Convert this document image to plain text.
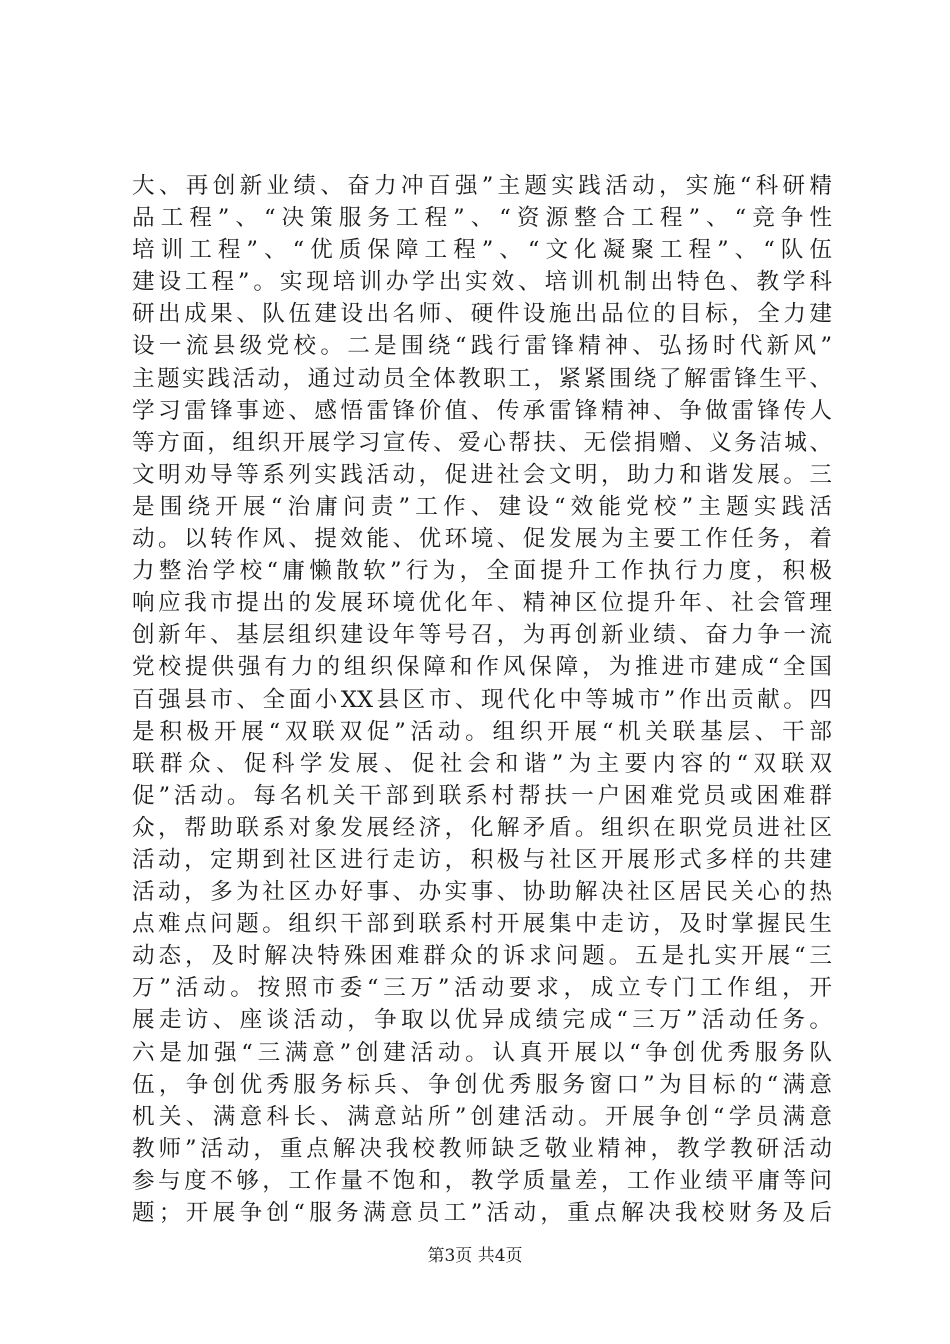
大、再创新业绩、奋力冲百强”主题实践活动，实施“科研精
品工程”、“决策服务工程”、“资源整合工程”、“竞争性
培训工程”、“优质保障工程”、“文化凝聚工程”、“队伍
建设工程”。实现培训办学出实效、培训机制出特色、教学科
研出成果、队伍建设出名师、硬件设施出品位的目标，全力建
设一流县级党校。二是围绕“践行雷锋精神、弘扬时代新风”
主题实践活动，通过动员全体教职工，紧紧围绕了解雷锋生平、
学习雷锋事迹、感悟雷锋价值、传承雷锋精神、争做雷锋传人
等方面，组织开展学习宣传、爱心帮扶、无偿捐赠、义务洁城、
文明劝导等系列实践活动，促进社会文明，助力和谐发展。三
是围绕开展“治庸问责”工作、建设“效能党校”主题实践活
动。以转作风、提效能、优环境、促发展为主要工作任务，着
力整治学校“庸懒散软”行为，全面提升工作执行力度，积极
响应我市提出的发展环境优化年、精神区位提升年、社会管理
创新年、基层组织建设年等号召，为再创新业绩、奋力争一流
党校提供强有力的组织保障和作风保障，为推进市建成“全国
百强县市、全面小XX县区市、现代化中等城市”作出贡献。四
是积极开展“双联双促”活动。组织开展“机关联基层、干部
联群众、促科学发展、促社会和谐”为主要内容的“双联双
促”活动。每名机关干部到联系村帮扶一户困难党员或困难群
众，帮助联系对象发展经济，化解矛盾。组织在职党员进社区
活动，定期到社区进行走访，积极与社区开展形式多样的共建
活动，多为社区办好事、办实事、协助解决社区居民关心的热
点难点问题。组织干部到联系村开展集中走访，及时掌握民生
动态，及时解决特殊困难群众的诉求问题。五是扎实开展“三
万”活动。按照市委“三万”活动要求，成立专门工作组，开
展走访、座谈活动，争取以优异成绩完成“三万”活动任务。
六是加强“三满意”创建活动。认真开展以“争创优秀服务队
伍，争创优秀服务标兵、争创优秀服务窗口”为目标的“满意
机关、满意科长、满意站所”创建活动。开展争创“学员满意
教师”活动，重点解决我校教师缺乏敬业精神，教学教研活动
参与度不够，工作量不饱和，教学质量差，工作业绩平庸等问
题；开展争创“服务满意员工”活动，重点解决我校财务及后
第3页 共4页
